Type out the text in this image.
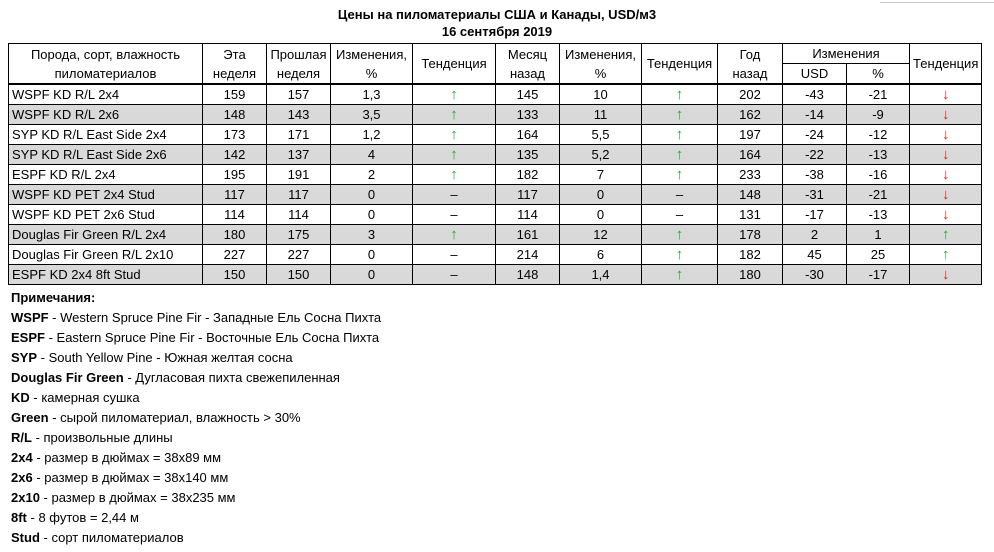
Цены на пиломатериалы США и Канады, USD/м3
16 сентября 2019
Порода, сорт, влажность пиломатериалов	Эта неделя	Прошлая неделя	Изменения, %	Тенденция	Месяц назад	Изменения, %	Тенденция	Год назад	Изменения		Тенденция
									USD	%	
WSPF KD R/L 2x4	159	157	1,3	↑	145	10	↑	202	-43	-21	↓
WSPF KD R/L 2x6	148	143	3,5	↑	133	11	↑	162	-14	-9	↓
SYP KD R/L East Side 2x4	173	171	1,2	↑	164	5,5	↑	197	-24	-12	↓
SYP KD R/L East Side 2x6	142	137	4	↑	135	5,2	↑	164	-22	-13	↓
ESPF KD R/L 2x4	195	191	2	↑	182	7	↑	233	-38	-16	↓
WSPF KD PET 2x4 Stud	117	117	0	–	117	0	–	148	-31	-21	↓
WSPF KD PET 2x6 Stud	114	114	0	–	114	0	–	131	-17	-13	↓
Douglas Fir Green R/L 2x4	180	175	3	↑	161	12	↑	178	2	1	↑
Douglas Fir Green R/L 2x10	227	227	0	–	214	6	↑	182	45	25	↑
ESPF KD 2x4 8ft Stud	150	150	0	–	148	1,4	↑	180	-30	-17	↓
Примечания:
WSPF - Western Spruce Pine Fir - Западные Ель Сосна Пихта
ESPF - Eastern Spruce Pine Fir - Восточные Ель Сосна Пихта
SYP - South Yellow Pine - Южная желтая сосна
Douglas Fir Green - Дугласовая пихта свежепиленная
KD - камерная сушка
Green - сырой пиломатериал, влажность > 30%
R/L - произвольные длины
2x4 - размер в дюймах = 38x89 мм
2x6 - размер в дюймах = 38x140 мм
2x10 - размер в дюймах = 38x235 мм
8ft - 8 футов = 2,44 м
Stud - сорт пиломатериалов
